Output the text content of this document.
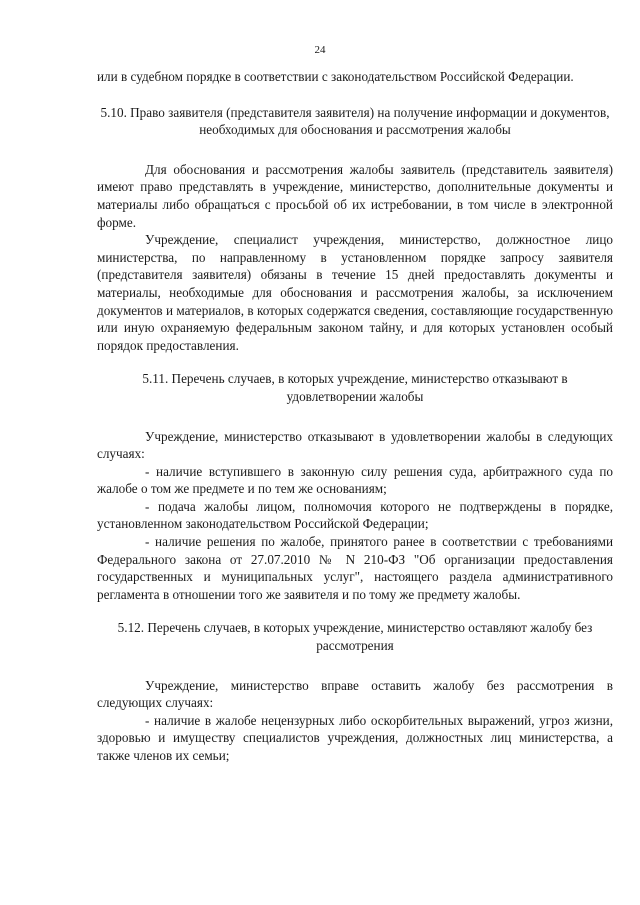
24

или в судебном порядке в соответствии с законодательством Российской Федерации.

5.10. Право заявителя (представителя заявителя) на получение информации и документов, необходимых для обоснования и рассмотрения жалобы

Для обоснования и рассмотрения жалобы заявитель (представитель заявителя) имеют право представлять в учреждение, министерство, дополнительные документы и материалы либо обращаться с просьбой об их истребовании, в том числе в электронной форме.

Учреждение, специалист учреждения, министерство, должностное лицо министерства, по направленному в установленном порядке запросу заявителя (представителя заявителя) обязаны в течение 15 дней предоставлять документы и материалы, необходимые для обоснования и рассмотрения жалобы, за исключением документов и материалов, в которых содержатся сведения, составляющие государственную или иную охраняемую федеральным законом тайну, и для которых установлен особый порядок предоставления.

5.11. Перечень случаев, в которых учреждение, министерство отказывают в удовлетворении жалобы

Учреждение, министерство отказывают в удовлетворении жалобы в следующих случаях:

- наличие вступившего в законную силу решения суда, арбитражного суда по жалобе о том же предмете и по тем же основаниям;

- подача жалобы лицом, полномочия которого не подтверждены в порядке, установленном законодательством Российской Федерации;

- наличие решения по жалобе, принятого ранее в соответствии с требованиями Федерального закона от 27.07.2010 № N 210-ФЗ "Об организации предоставления государственных и муниципальных услуг", настоящего раздела административного регламента в отношении того же заявителя и по тому же предмету жалобы.

5.12. Перечень случаев, в которых учреждение, министерство оставляют жалобу без рассмотрения

Учреждение, министерство вправе оставить жалобу без рассмотрения в следующих случаях:

- наличие в жалобе нецензурных либо оскорбительных выражений, угроз жизни, здоровью и имуществу специалистов учреждения, должностных лиц министерства, а также членов их семьи;
